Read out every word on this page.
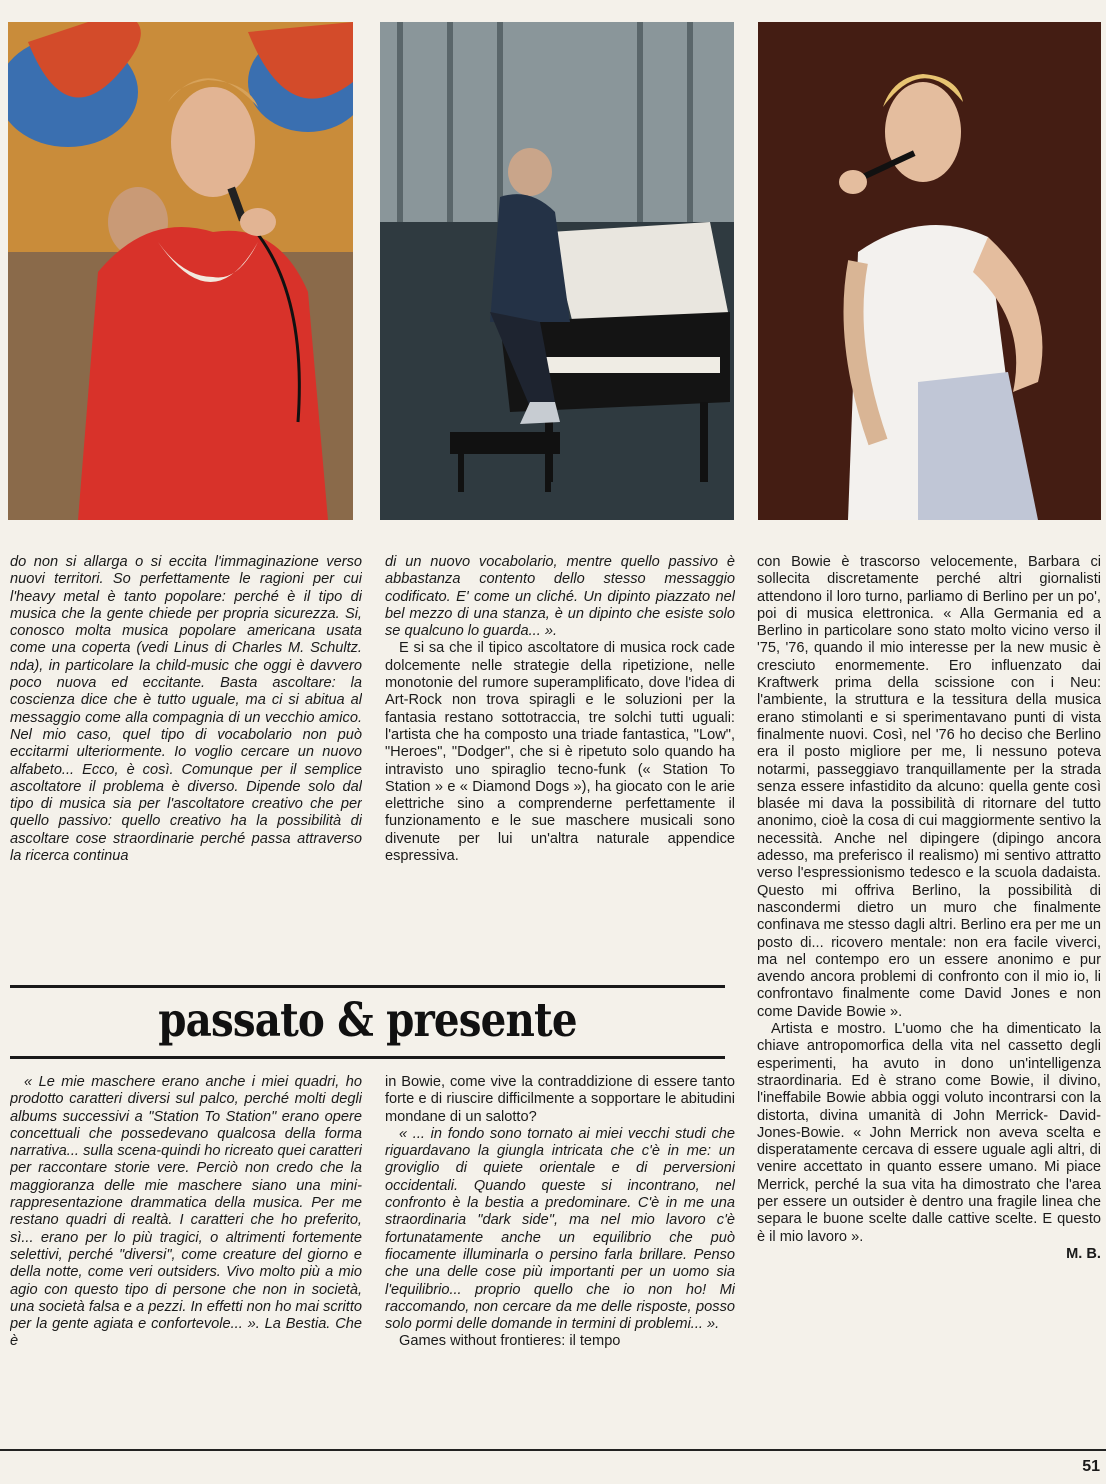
do non si allarga o si eccita l'immaginazione verso nuovi territori. So perfettamente le ragioni per cui l'heavy metal è tanto popolare: perché è il tipo di musica che la gente chiede per propria sicurezza. Si, conosco molta musica popolare americana usata come una coperta (vedi Linus di Charles M. Schultz. nda), in particolare la child-music che oggi è davvero poco nuova ed eccitante. Basta ascoltare: la coscienza dice che è tutto uguale, ma ci si abitua al messaggio come alla compagnia di un vecchio amico. Nel mio caso, quel tipo di vocabolario non può eccitarmi ulteriormente. Io voglio cercare un nuovo alfabeto... Ecco, è così. Comunque per il semplice ascoltatore il problema è diverso. Dipende solo dal tipo di musica sia per l'ascoltatore creativo che per quello passivo: quello creativo ha la possibilità di ascoltare cose straordinarie perché passa attraverso la ricerca continua

di un nuovo vocabolario, mentre quello passivo è abbastanza contento dello stesso messaggio codificato. E' come un cliché. Un dipinto piazzato nel bel mezzo di una stanza, è un dipinto che esiste solo se qualcuno lo guarda... ».

E si sa che il tipico ascoltatore di musica rock cade dolcemente nelle strategie della ripetizione, nelle monotonie del rumore superamplificato, dove l'idea di Art-Rock non trova spiragli e le soluzioni per la fantasia restano sottotraccia, tre solchi tutti uguali: l'artista che ha composto una triade fantastica, "Low", "Heroes", "Dodger", che si è ripetuto solo quando ha intravisto uno spiraglio tecno-funk (« Station To Station » e « Diamond Dogs »), ha giocato con le arie elettriche sino a comprenderne perfettamente il funzionamento e le sue maschere musicali sono divenute per lui un'altra naturale appendice espressiva.

con Bowie è trascorso velocemente, Barbara ci sollecita discretamente perché altri giornalisti attendono il loro turno, parliamo di Berlino per un po', poi di musica elettronica. « Alla Germania ed a Berlino in particolare sono stato molto vicino verso il '75, '76, quando il mio interesse per la new music è cresciuto enormemente. Ero influenzato dai Kraftwerk prima della scissione con i Neu: l'ambiente, la struttura e la tessitura della musica erano stimolanti e si sperimentavano punti di vista finalmente nuovi. Così, nel '76 ho deciso che Berlino era il posto migliore per me, li nessuno poteva notarmi, passeggiavo tranquillamente per la strada senza essere infastidito da alcuno: quella gente così blasée mi dava la possibilità di ritornare del tutto anonimo, cioè la cosa di cui maggiormente sentivo la necessità. Anche nel dipingere (dipingo ancora adesso, ma preferisco il realismo) mi sentivo attratto verso l'espressionismo tedesco e la scuola dadaista. Questo mi offriva Berlino, la possibilità di nascondermi dietro un muro che finalmente confinava me stesso dagli altri. Berlino era per me un posto di... ricovero mentale: non era facile viverci, ma nel contempo ero un essere anonimo e pur avendo ancora problemi di confronto con il mio io, li confrontavo finalmente come David Jones e non come Davide Bowie ».

Artista e mostro. L'uomo che ha dimenticato la chiave antropomorfica della vita nel cassetto degli esperimenti, ha avuto in dono un'intelligenza straordinaria. Ed è strano come Bowie, il divino, l'ineffabile Bowie abbia oggi voluto incontrarsi con la distorta, divina umanità di John Merrick- David-Jones-Bowie. « John Merrick non aveva scelta e disperatamente cercava di essere uguale agli altri, di venire accettato in quanto essere umano. Mi piace Merrick, perché la sua vita ha dimostrato che l'area per essere un outsider è dentro una fragile linea che separa le buone scelte dalle cattive scelte. E questo è il mio lavoro ».

M. B.

passato & presente

« Le mie maschere erano anche i miei quadri, ho prodotto caratteri diversi sul palco, perché molti degli albums successivi a "Station To Station" erano opere concettuali che possedevano qualcosa della forma narrativa... sulla scena-quindi ho ricreato quei caratteri per raccontare storie vere. Perciò non credo che la maggioranza delle mie maschere siano una mini-rappresentazione drammatica della musica. Per me restano quadri di realtà. I caratteri che ho preferito, sì... erano per lo più tragici, o altrimenti fortemente selettivi, perché "diversi", come creature del giorno e della notte, come veri outsiders. Vivo molto più a mio agio con questo tipo di persone che non in società, una società falsa e a pezzi. In effetti non ho mai scritto per la gente agiata e confortevole... ». La Bestia. Che è

in Bowie, come vive la contraddizione di essere tanto forte e di riuscire difficilmente a sopportare le abitudini mondane di un salotto?

« ... in fondo sono tornato ai miei vecchi studi che riguardavano la giungla intricata che c'è in me: un groviglio di quiete orientale e di perversioni occidentali. Quando queste si incontrano, nel confronto è la bestia a predominare. C'è in me una straordinaria "dark side", ma nel mio lavoro c'è fortunatamente anche un equilibrio che può fiocamente illuminarla o persino farla brillare. Penso che una delle cose più importanti per un uomo sia l'equilibrio... proprio quello che io non ho! Mi raccomando, non cercare da me delle risposte, posso solo pormi delle domande in termini di problemi... ».

Games without frontieres: il tempo

51
